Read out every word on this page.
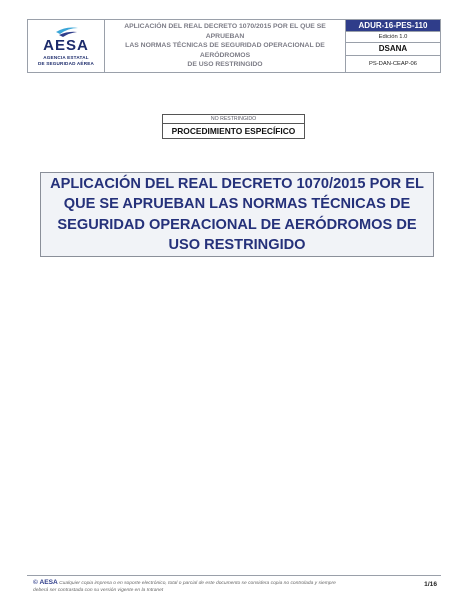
AESA
AGENCIA ESTATAL
DE SEGURIDAD AÉREA

APLICACIÓN DEL REAL DECRETO 1070/2015 POR EL QUE SE APRUEBAN
LAS NORMAS TÉCNICAS DE SEGURIDAD OPERACIONAL DE AERÓDROMOS
DE USO RESTRINGIDO

ADUR-16-PES-110
Edición 1.0
DSANA
PS-DAN-CEAP-06
NO RESTRINGIDO
PROCEDIMIENTO ESPECÍFICO
APLICACIÓN DEL REAL DECRETO 1070/2015 POR EL QUE SE APRUEBAN LAS NORMAS TÉCNICAS DE SEGURIDAD OPERACIONAL DE AERÓDROMOS DE USO RESTRINGIDO
© AESA Cualquier copia impresa o en soporte electrónico, total o parcial de este documento se considera copia no controlada y siempre
deberá ser contrastada con su versión vigente en la Intranet
1/16
